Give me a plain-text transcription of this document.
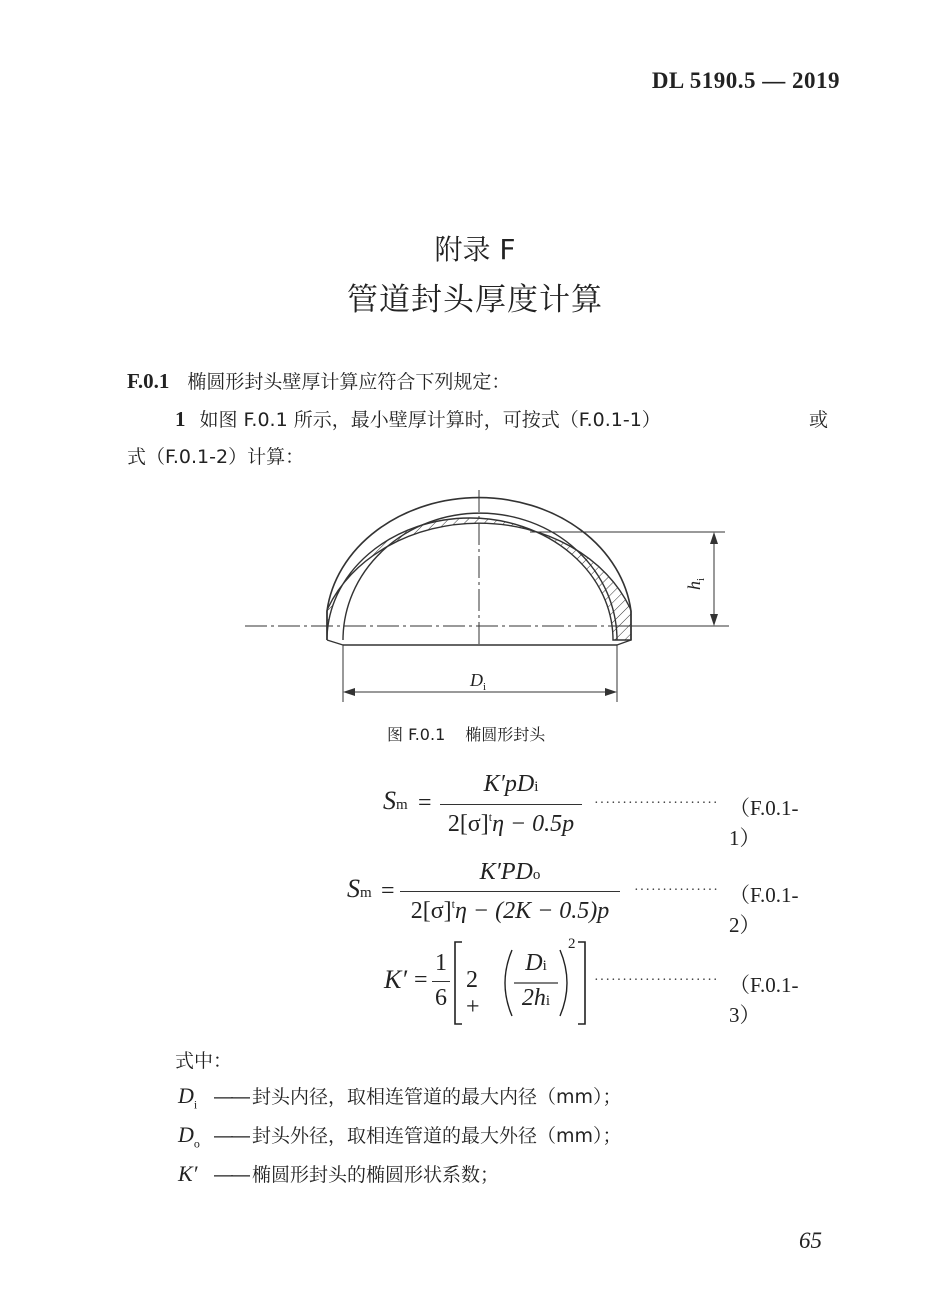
DL 5190.5 — 2019
附录 F
管道封头厚度计算
F.0.1 椭圆形封头壁厚计算应符合下列规定：
1 如图 F.0.1 所示，最小壁厚计算时，可按式（F.0.1-1）	或
式（F.0.1-2）计算：
$h_i$
$D_i$
图 F.0.1 椭圆形封头
Sm =
K′pDi
$2[\sigma]^t\eta - 0.5p$
······················ （F.0.1-1）
Sm =
K′PDo
$2[\sigma]^t\eta - (2K - 0.5)p$
··············· （F.0.1-2）
K′ =
1
6
2 +
Di
2hi
2
······················ （F.0.1-3）
式中：
$D_i$ —— 封头内径，取相连管道的最大内径（mm）；
$D_o$ —— 封头外径，取相连管道的最大外径（mm）；
K′ —— 椭圆形封头的椭圆形状系数；
65
